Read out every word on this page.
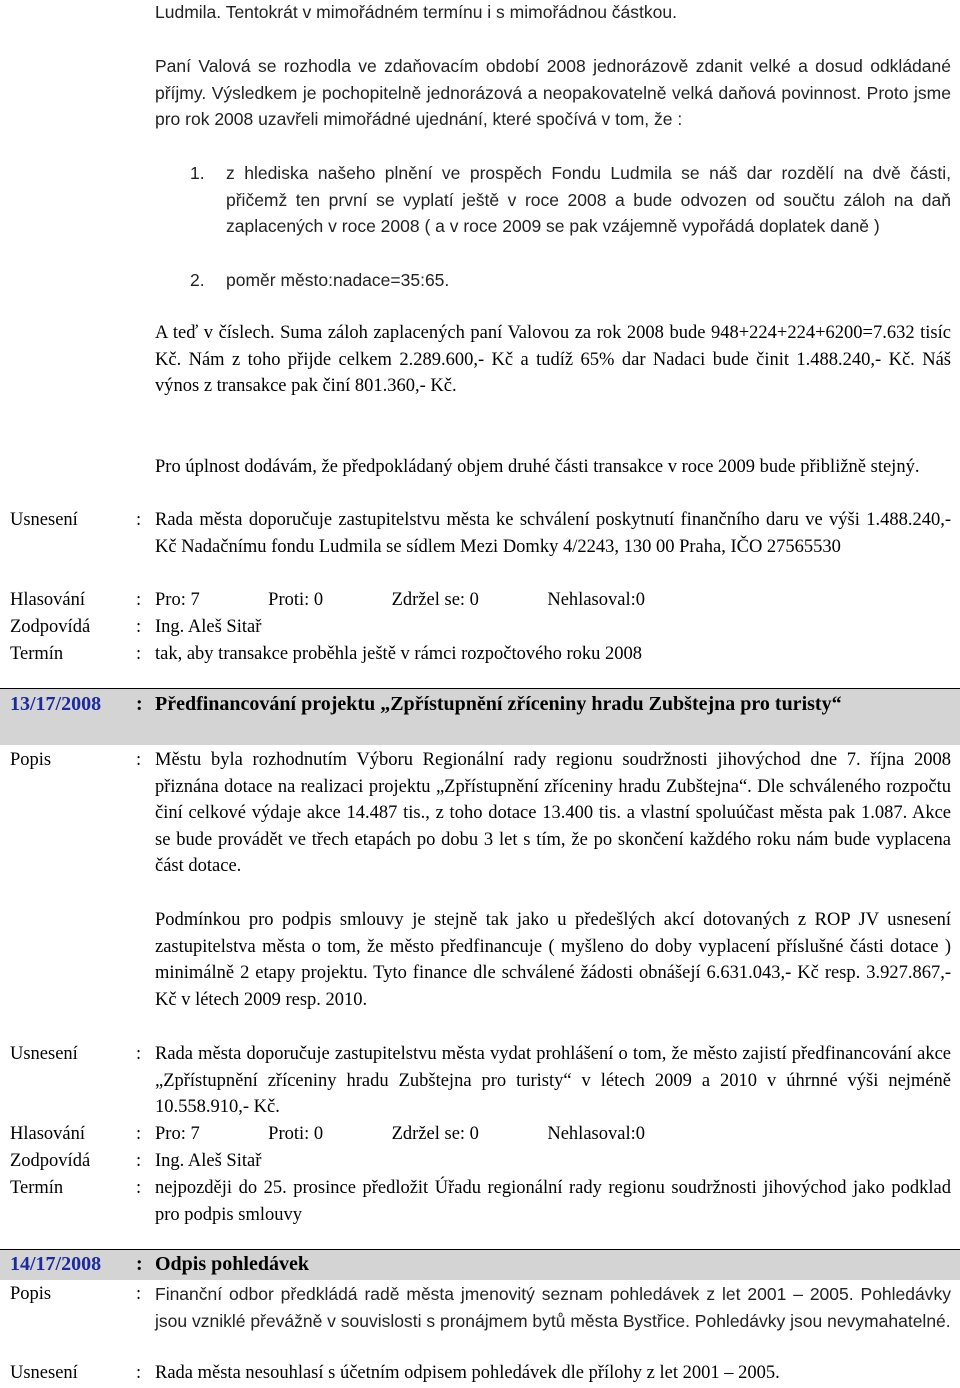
Ludmila. Tentokrát v mimořádném termínu i s mimořádnou částkou.

Paní Valová se rozhodla ve zdaňovacím období 2008 jednorázově zdanit velké a dosud odkládané příjmy. Výsledkem je pochopitelně jednorázová a neopakovatelně velká daňová povinnost. Proto jsme pro rok 2008 uzavřeli mimořádné ujednání, které spočívá v tom, že :

1.	z hlediska našeho plnění ve prospěch Fondu Ludmila se náš dar rozdělí na dvě části, přičemž ten první se vyplatí ještě v roce 2008 a bude odvozen od součtu záloh na daň zaplacených v roce 2008 ( a v roce 2009 se pak vzájemně vypořádá doplatek daně )

2.	poměr město:nadace=35:65.

A teď v číslech. Suma záloh zaplacených paní Valovou za rok 2008 bude 948+224+224+6200=7.632 tisíc Kč. Nám z toho přijde celkem 2.289.600,- Kč a tudíž 65% dar Nadaci bude činit 1.488.240,- Kč. Náš výnos z transakce pak činí 801.360,- Kč.

Pro úplnost dodávám, že předpokládaný objem druhé části transakce v roce 2009 bude přibližně stejný.

Usnesení	: Rada města doporučuje zastupitelstvu města ke schválení poskytnutí finančního daru ve výši 1.488.240,- Kč Nadačnímu fondu Ludmila se sídlem Mezi Domky 4/2243, 130 00 Praha, IČO 27565530

Hlasování	: Pro: 7	Proti: 0	Zdržel se: 0	Nehlasoval:0
Zodpovídá	: Ing. Aleš Sitař

Termín	: tak, aby transakce proběhla ještě v rámci rozpočtového roku 2008

13/17/2008	: Předfinancování projektu „Zpřístupnění zříceniny hradu Zubštejna pro turisty“
Popis	: Městu byla rozhodnutím Výboru Regionální rady regionu soudržnosti jihovýchod dne 7. října 2008 přiznána dotace na realizaci projektu „Zpřístupnění zříceniny hradu Zubštejna“. Dle schváleného rozpočtu činí celkové výdaje akce 14.487 tis., z toho dotace 13.400 tis. a vlastní spoluúčast města pak 1.087. Akce se bude provádět ve třech etapách po dobu 3 let s tím, že po skončení každého roku nám bude vyplacena část dotace.

Podmínkou pro podpis smlouvy je stejně tak jako u předešlých akcí dotovaných z ROP JV usnesení zastupitelstva města o tom, že město předfinancuje ( myšleno do doby vyplacení příslušné části dotace ) minimálně 2 etapy projektu. Tyto finance dle schválené žádosti obnášejí 6.631.043,- Kč resp. 3.927.867,- Kč v létech 2009 resp. 2010.

Usnesení	: Rada města doporučuje zastupitelstvu města vydat prohlášení o tom, že město zajistí předfinancování akce „Zpřístupnění zříceniny hradu Zubštejna pro turisty“ v létech 2009 a 2010 v úhrnné výši nejméně 10.558.910,- Kč.

Hlasování	: Pro: 7	Proti: 0	Zdržel se: 0	Nehlasoval:0
Zodpovídá	: Ing. Aleš Sitař

Termín	: nejpozději do 25. prosince předložit Úřadu regionální rady regionu soudržnosti jihovýchod jako podklad pro podpis smlouvy

14/17/2008	: Odpis pohledávek
Popis	: Finanční odbor předkládá radě města jmenovitý seznam pohledávek z let 2001 – 2005. Pohledávky jsou vzniklé převážně v souvislosti s pronájmem bytů města Bystřice. Pohledávky jsou nevymahatelné.

Usnesení	: Rada města nesouhlasí s účetním odpisem pohledávek dle přílohy z let 2001 – 2005.
